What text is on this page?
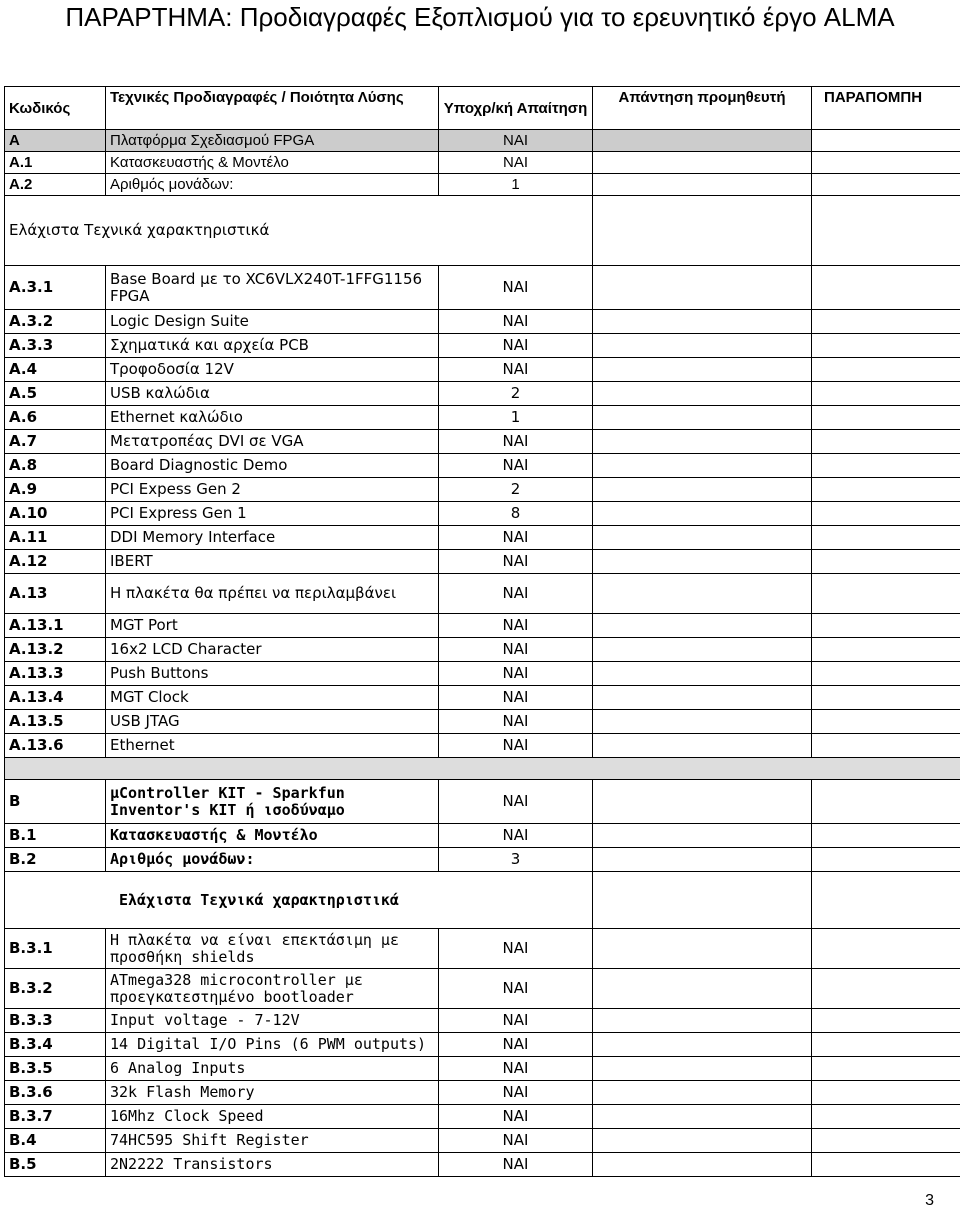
ΠΑΡΑΡΤΗΜΑ: Προδιαγραφές Εξοπλισμού για το ερευνητικό έργο ALMA
Κωδικός	Τεχνικές Προδιαγραφές / Ποιότητα Λύσης	Υποχρ/κή Απαίτηση	Απάντηση προμηθευτή	ΠΑΡΑΠΟΜΠΗ
A	Πλατφόρμα Σχεδιασμού FPGA	NAI		
A.1	Κατασκευαστής & Μοντέλο	NAI		
A.2	Αριθμός μονάδων:	1		
Ελάχιστα Τεχνικά χαρακτηριστικά				
A.3.1	Base Board με το XC6VLX240T-1FFG1156 FPGA	NAI		
A.3.2	Logic Design Suite	NAI		
A.3.3	Σχηματικά και αρχεία PCB	NAI		
A.4	Τροφοδοσία 12V	NAI		
A.5	USB καλώδια	2		
A.6	Ethernet καλώδιο	1		
A.7	Μετατροπέας DVI σε VGA	NAI		
A.8	Board Diagnostic Demo	NAI		
A.9	PCI Expess Gen 2	2		
A.10	PCI Express Gen 1	8		
A.11	DDI Memory Interface	NAI		
A.12	IBERT	NAI		
A.13	Η πλακέτα θα πρέπει να περιλαμβάνει	NAI		
A.13.1	MGT Port	NAI		
A.13.2	16x2 LCD Character	NAI		
A.13.3	Push Buttons	NAI		
A.13.4	MGT Clock	NAI		
A.13.5	USB JTAG	NAI		
A.13.6	Ethernet	NAI		

B	μController KIT - Sparkfun Inventor's KIT ή ισοδύναμο	NAI		
B.1	Κατασκευαστής & Μοντέλο	NAI		
B.2	Αριθμός μονάδων:	3		
Ελάχιστα Τεχνικά χαρακτηριστικά				
B.3.1	Η πλακέτα να είναι επεκτάσιμη με προσθήκη shields	NAI		
B.3.2	ATmega328 microcontroller με προεγκατεστημένο bootloader	NAI		
B.3.3	Input voltage - 7-12V	NAI		
B.3.4	14 Digital I/O Pins (6 PWM outputs)	NAI		
B.3.5	6 Analog Inputs	NAI		
B.3.6	32k Flash Memory	NAI		
B.3.7	16Mhz Clock Speed	NAI		
B.4	74HC595 Shift Register	NAI		
B.5	2N2222 Transistors	NAI		
3
